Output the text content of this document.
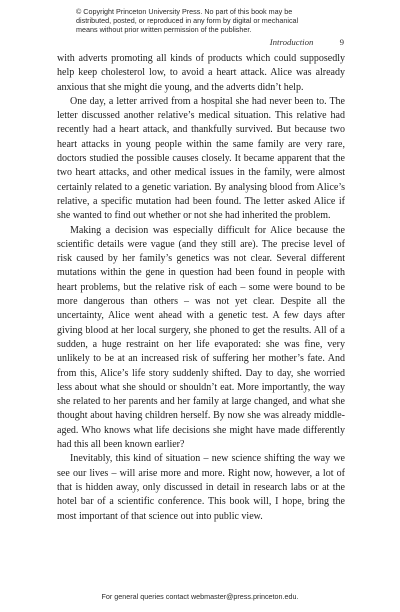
© Copyright Princeton University Press. No part of this book may be
distributed, posted, or reproduced in any form by digital or mechanical
means without prior written permission of the publisher.
Introduction	9

with adverts promoting all kinds of products which could supposedly help keep cholesterol low, to avoid a heart attack. Alice was already anxious that she might die young, and the adverts didn’t help.

One day, a letter arrived from a hospital she had never been to. The letter discussed another relative’s medical situation. This relative had recently had a heart attack, and thankfully survived. But because two heart attacks in young people within the same family are very rare, doctors studied the possible causes closely. It became apparent that the two heart attacks, and other medical issues in the family, were almost certainly related to a genetic variation. By analysing blood from Alice’s relative, a specific mutation had been found. The letter asked Alice if she wanted to find out whether or not she had inherited the problem.

Making a decision was especially difficult for Alice because the scientific details were vague (and they still are). The precise level of risk caused by her family’s genetics was not clear. Several different mutations within the gene in question had been found in people with heart problems, but the relative risk of each – some were bound to be more dangerous than others – was not yet clear. Despite all the uncertainty, Alice went ahead with a genetic test. A few days after giving blood at her local surgery, she phoned to get the results. All of a sudden, a huge restraint on her life evaporated: she was fine, very unlikely to be at an increased risk of suffering her mother’s fate. And from this, Alice’s life story suddenly shifted. Day to day, she worried less about what she should or shouldn’t eat. More importantly, the way she related to her parents and her family at large changed, and what she thought about having children herself. By now she was already middle-aged. Who knows what life decisions she might have made differently had this all been known earlier?

Inevitably, this kind of situation – new science shifting the way we see our lives – will arise more and more. Right now, however, a lot of that is hidden away, only discussed in detail in research labs or at the hotel bar of a scientific conference. This book will, I hope, bring the most important of that science out into public view.

For general queries contact webmaster@press.princeton.edu.
